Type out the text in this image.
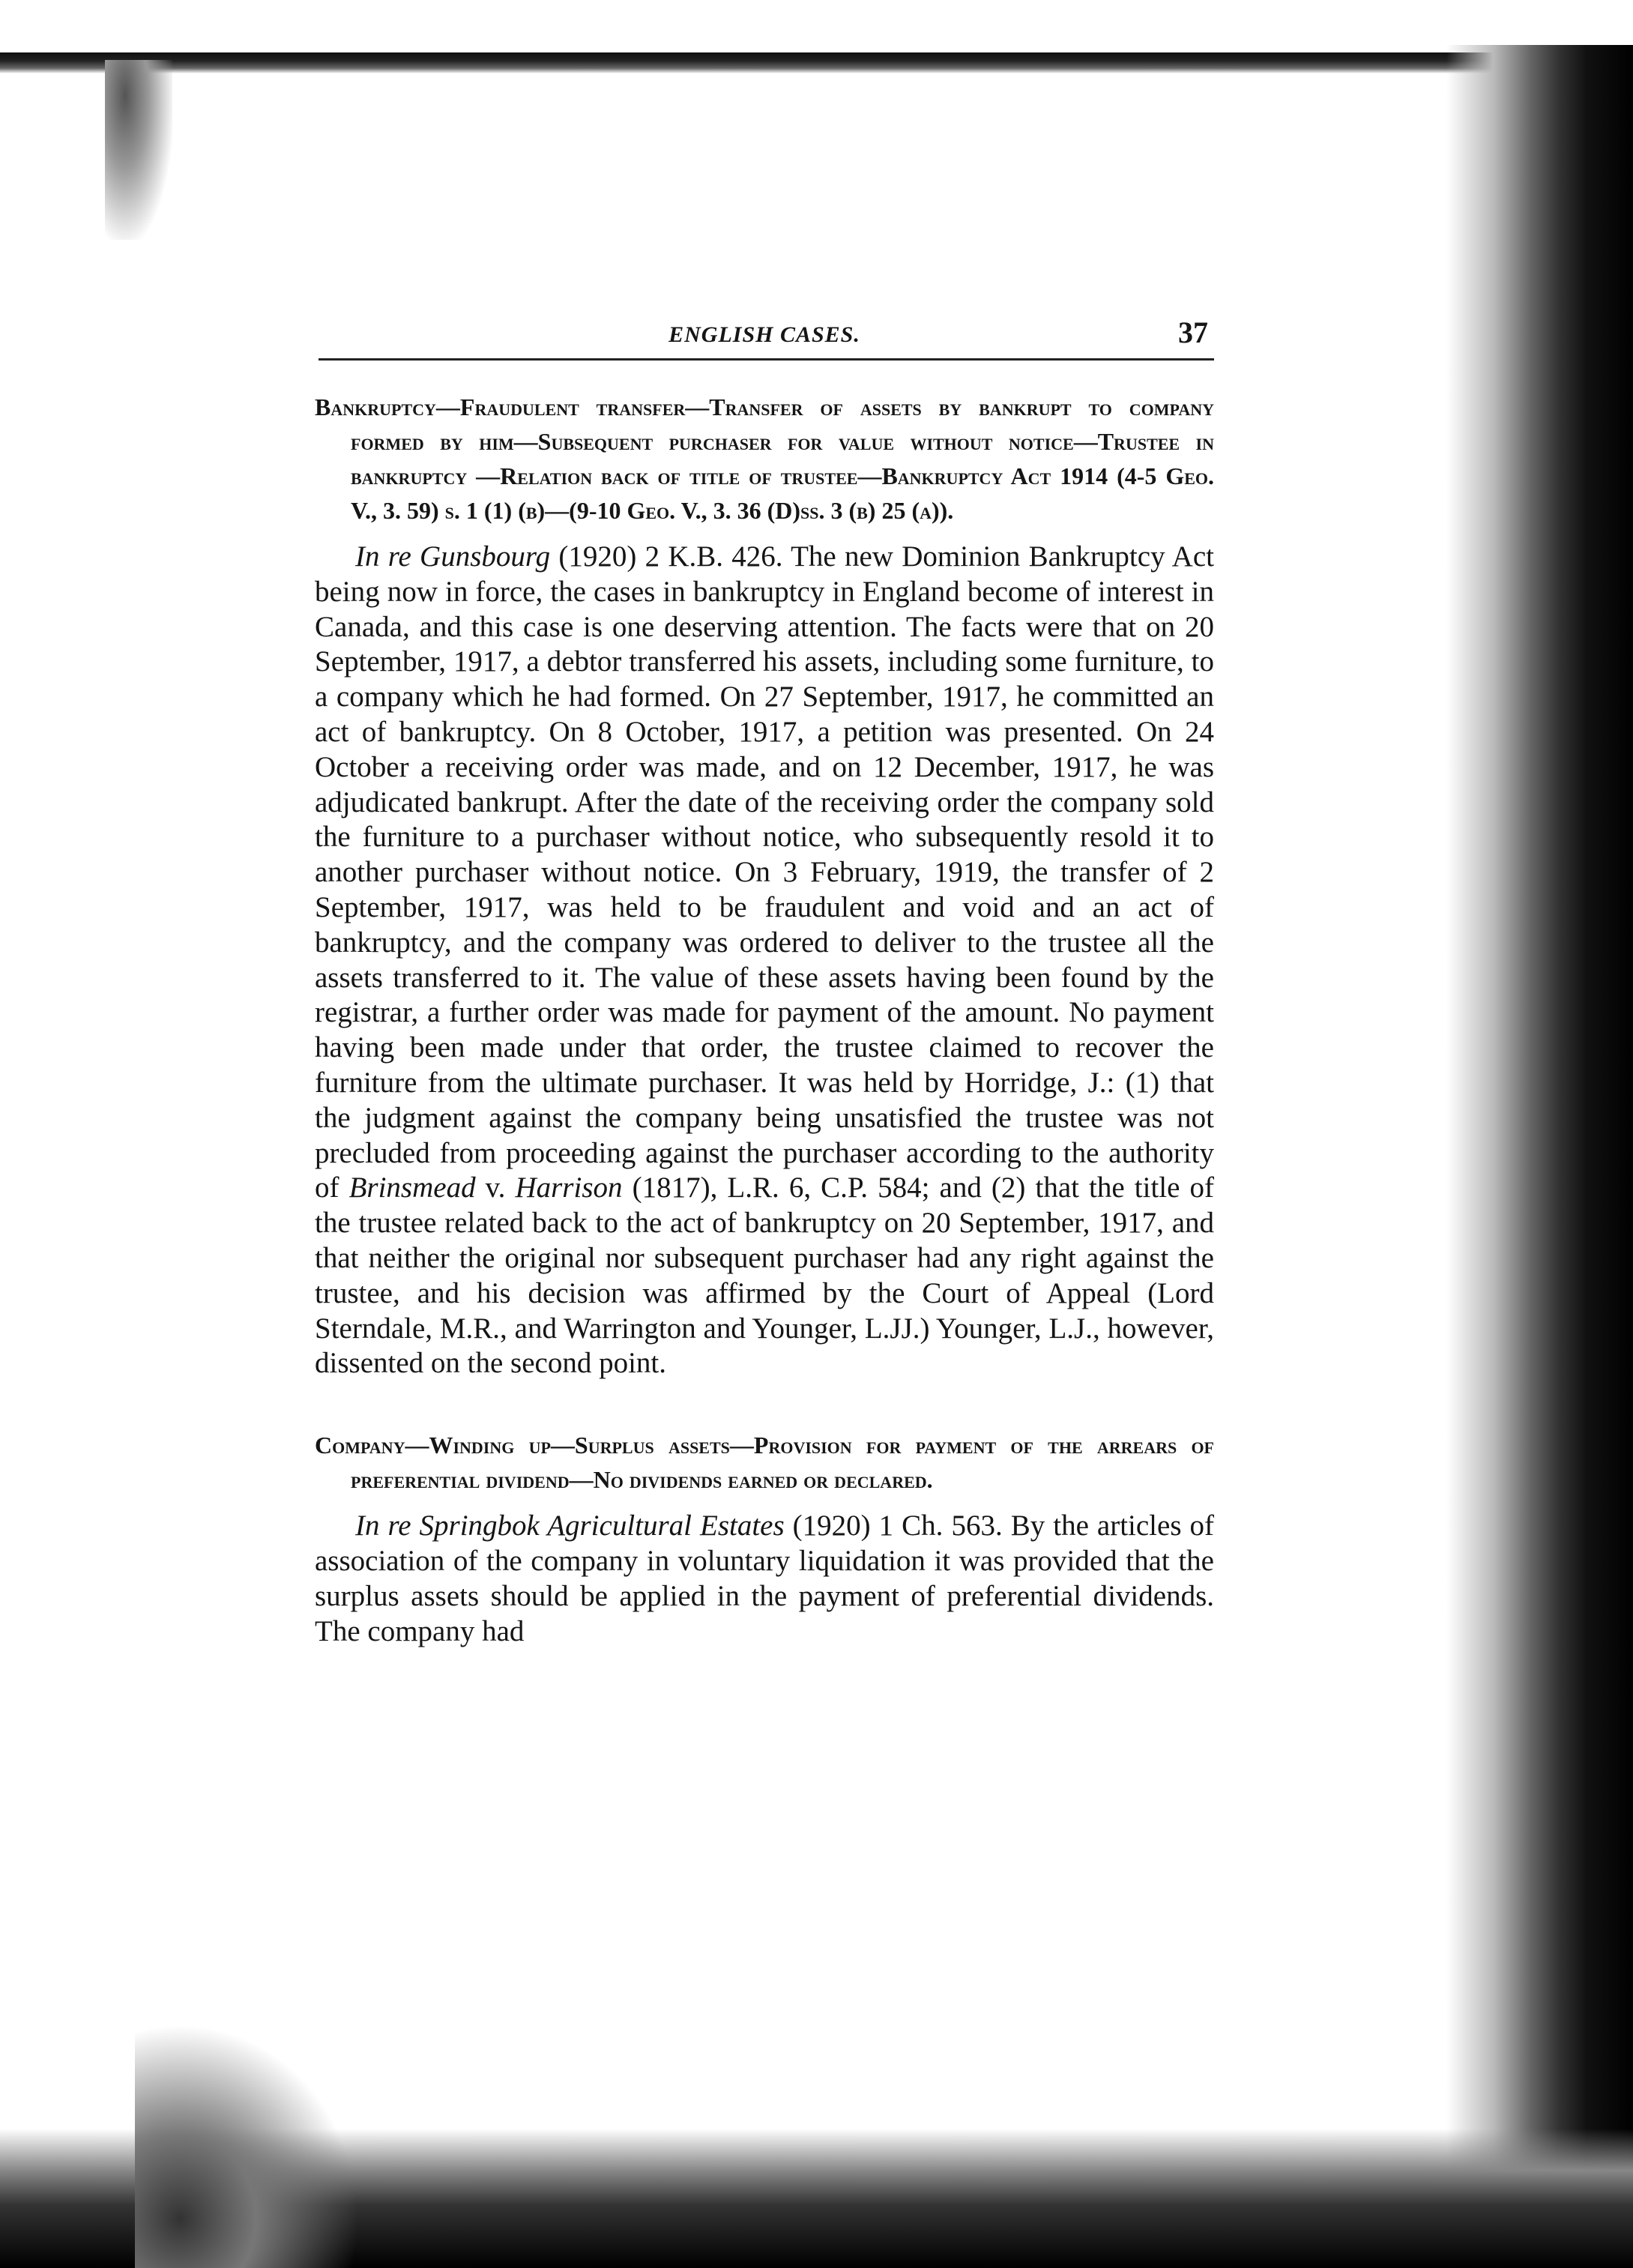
ENGLISH CASES.	37

Bankruptcy—Fraudulent transfer—Transfer of assets by bankrupt to company formed by him—Subsequent purchaser for value without notice—Trustee in bankruptcy —Relation back of title of trustee—Bankruptcy Act 1914 (4-5 Geo. V., 3. 59) s. 1 (1) (b)—(9-10 Geo. V., 3. 36 (D)ss. 3 (b) 25 (a)).

In re Gunsbourg (1920) 2 K.B. 426. The new Dominion Bankruptcy Act being now in force, the cases in bankruptcy in England become of interest in Canada, and this case is one deserving attention. The facts were that on 20 September, 1917, a debtor transferred his assets, including some furniture, to a company which he had formed. On 27 September, 1917, he committed an act of bankruptcy. On 8 October, 1917, a petition was presented. On 24 October a receiving order was made, and on 12 December, 1917, he was adjudicated bankrupt. After the date of the receiving order the company sold the furniture to a purchaser without notice, who subsequently resold it to another purchaser without notice. On 3 February, 1919, the transfer of 2 September, 1917, was held to be fraudulent and void and an act of bankruptcy, and the company was ordered to deliver to the trustee all the assets transferred to it. The value of these assets having been found by the registrar, a further order was made for payment of the amount. No payment having been made under that order, the trustee claimed to recover the furniture from the ultimate purchaser. It was held by Horridge, J.: (1) that the judgment against the company being unsatisfied the trustee was not precluded from proceeding against the purchaser according to the authority of Brinsmead v. Harrison (1817), L.R. 6, C.P. 584; and (2) that the title of the trustee related back to the act of bankruptcy on 20 September, 1917, and that neither the original nor subsequent purchaser had any right against the trustee, and his decision was affirmed by the Court of Appeal (Lord Sterndale, M.R., and Warrington and Younger, L.JJ.) Younger, L.J., however, dissented on the second point.

Company—Winding up—Surplus assets—Provision for payment of the arrears of preferential dividend—No dividends earned or declared.

In re Springbok Agricultural Estates (1920) 1 Ch. 563. By the articles of association of the company in voluntary liquidation it was provided that the surplus assets should be applied in the payment of preferential dividends. The company had
